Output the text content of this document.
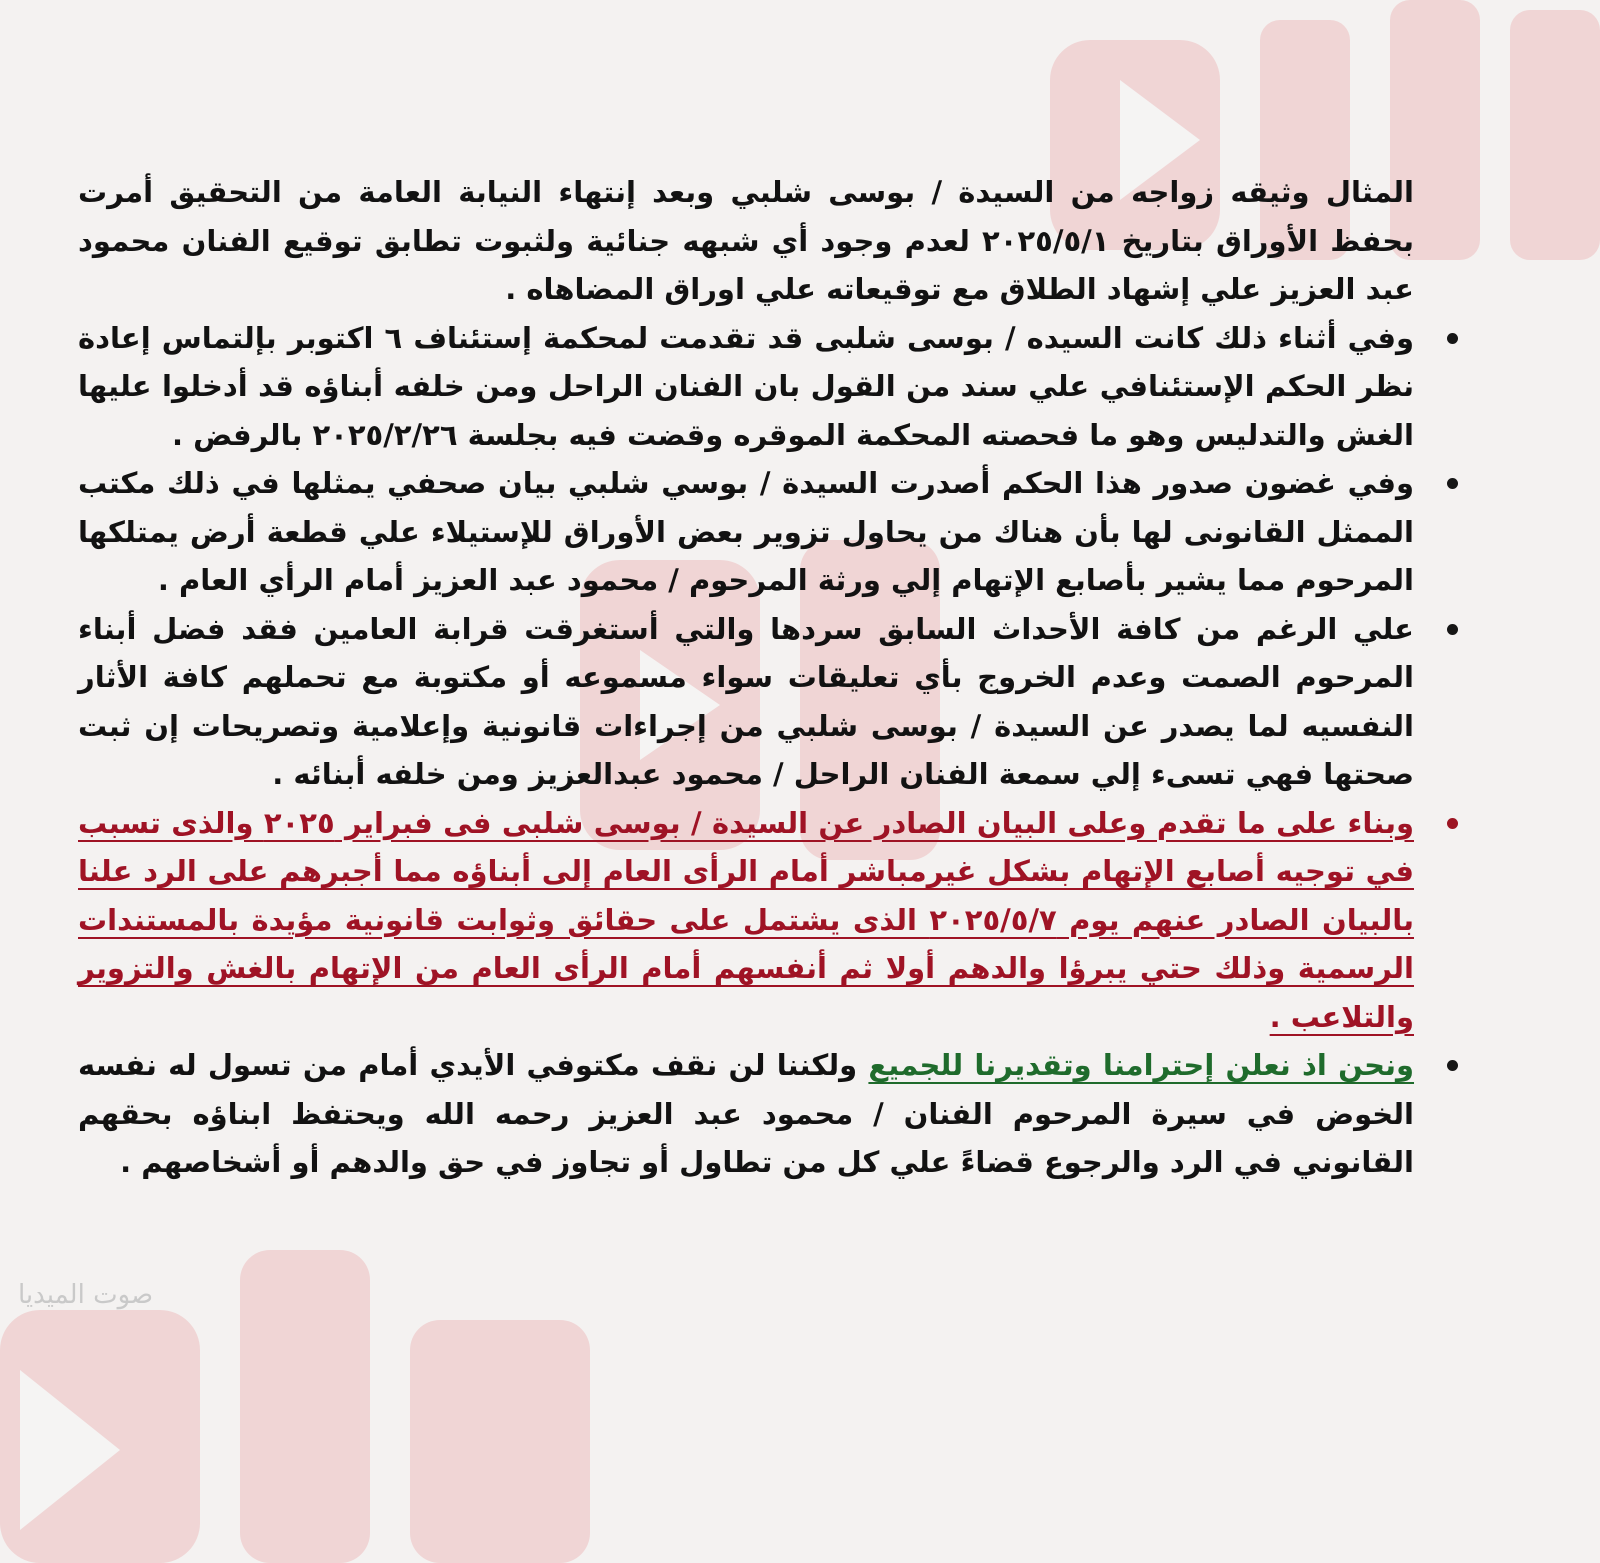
صوت الميديا

المثال وثيقه زواجه من السيدة / بوسى شلبي وبعد إنتهاء النيابة العامة من التحقيق أمرت بحفظ الأوراق بتاريخ ٢٠٢٥/٥/١ لعدم وجود أي شبهه جنائية ولثبوت تطابق توقيع الفنان محمود عبد العزيز علي إشهاد الطلاق مع توقيعاته علي اوراق المضاهاه .

وفي أثناء ذلك كانت السيده / بوسى شلبى قد تقدمت لمحكمة إستئناف ٦ اكتوبر بإلتماس إعادة نظر الحكم الإستئنافي علي سند من القول بان الفنان الراحل ومن خلفه أبناؤه قد أدخلوا عليها الغش والتدليس وهو ما فحصته المحكمة الموقره وقضت فيه بجلسة ٢٠٢٥/٢/٢٦ بالرفض .

وفي غضون صدور هذا الحكم أصدرت السيدة / بوسي شلبي بيان صحفي يمثلها في ذلك مكتب الممثل القانونى لها بأن هناك من يحاول تزوير بعض الأوراق للإستيلاء علي قطعة أرض يمتلكها المرحوم مما يشير بأصابع الإتهام إلي ورثة المرحوم / محمود عبد العزيز أمام الرأي العام .

علي الرغم من كافة الأحداث السابق سردها والتي أستغرقت قرابة العامين فقد فضل أبناء المرحوم الصمت وعدم الخروج بأي تعليقات سواء مسموعه أو مكتوبة مع تحملهم كافة الأثار النفسيه لما يصدر عن السيدة / بوسى شلبي من إجراءات قانونية وإعلامية وتصريحات إن ثبت صحتها فهي تسىء إلي سمعة الفنان الراحل / محمود عبدالعزيز ومن خلفه أبنائه .

وبناء على ما تقدم وعلى البيان الصادر عن السيدة / بوسى شلبى فى فبراير ٢٠٢٥ والذى تسبب في توجيه أصابع الإتهام بشكل غيرمباشر أمام الرأى العام إلى أبناؤه مما أجبرهم على الرد علنا بالبيان الصادر عنهم يوم ٢٠٢٥/٥/٧ الذى يشتمل على حقائق وثوابت قانونية مؤيدة بالمستندات الرسمية وذلك حتي يبرؤا والدهم أولا ثم أنفسهم أمام الرأى العام من الإتهام بالغش والتزوير والتلاعب .

ونحن اذ نعلن إحترامنا وتقديرنا للجميع ولكننا لن نقف مكتوفي الأيدي أمام من تسول له نفسه الخوض في سيرة المرحوم الفنان / محمود عبد العزيز رحمه الله ويحتفظ ابناؤه بحقهم القانوني في الرد والرجوع قضاءً علي كل من تطاول أو تجاوز في حق والدهم أو أشخاصهم .
